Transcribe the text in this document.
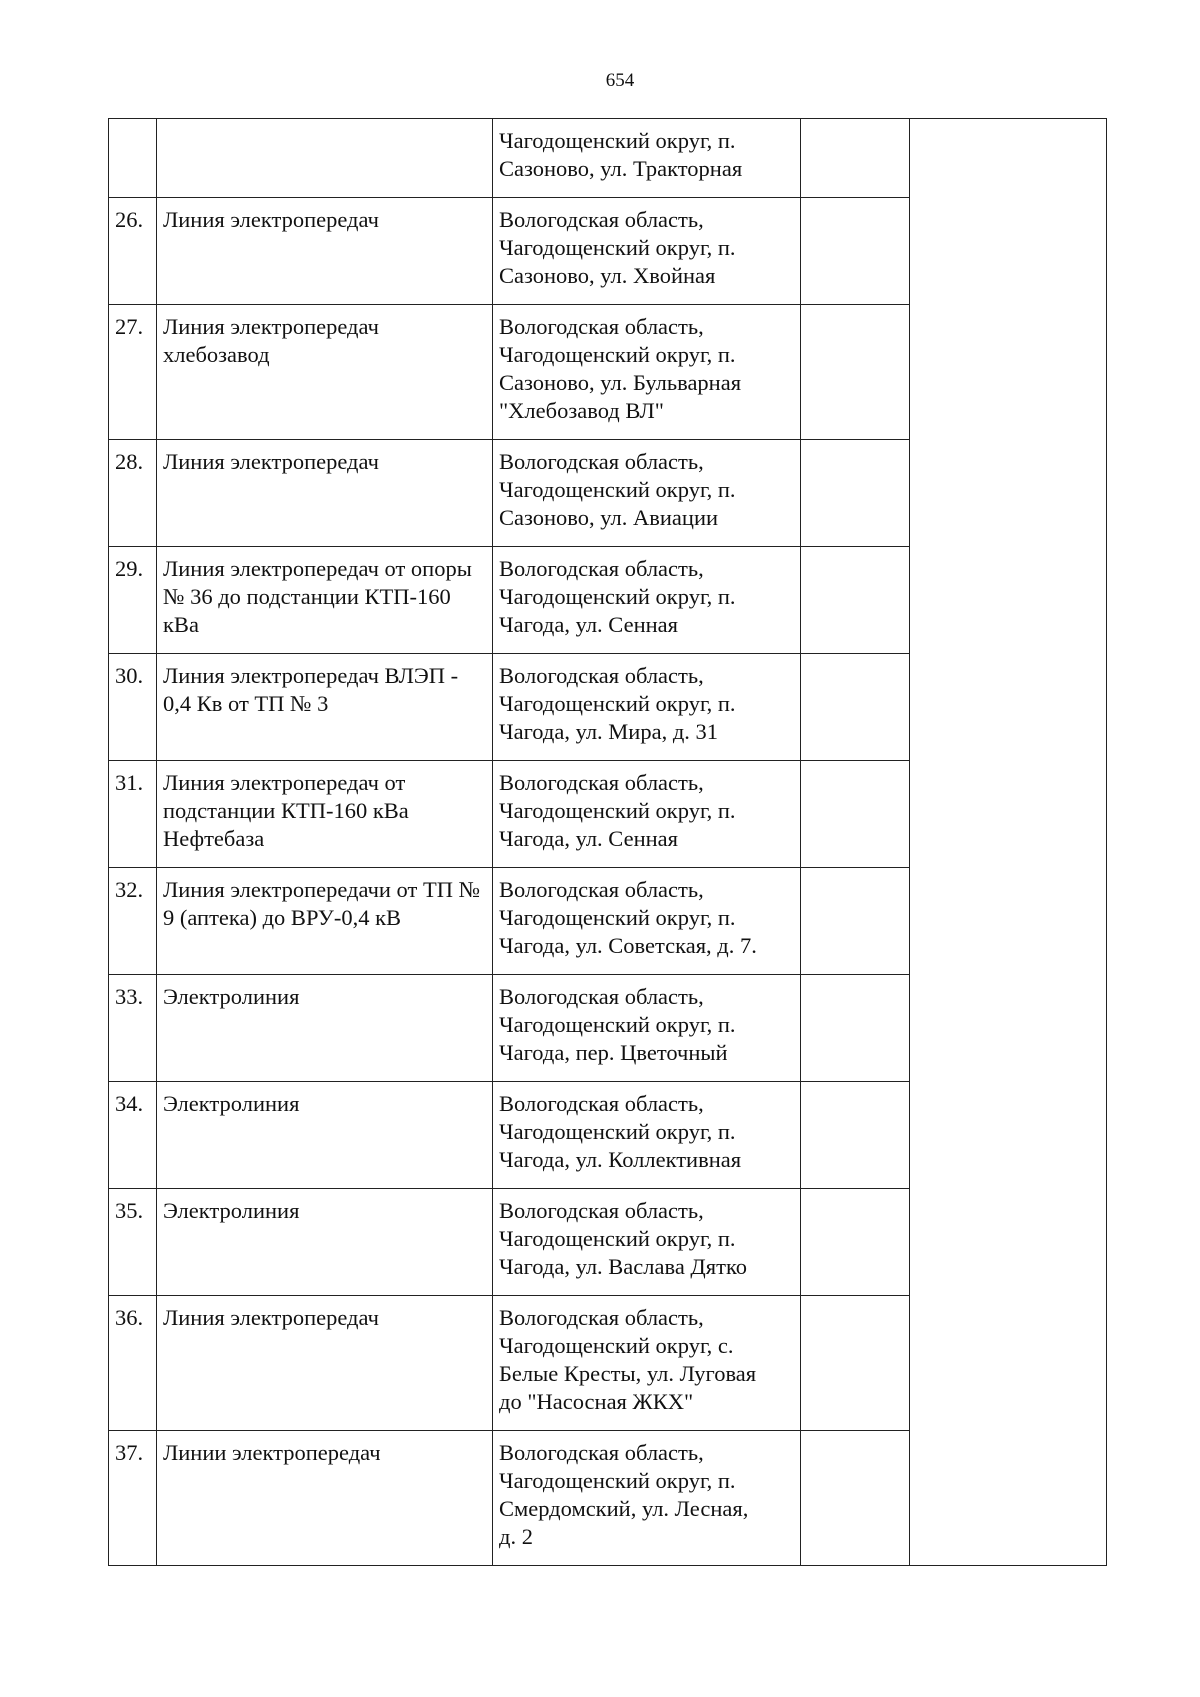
654

		Чагодощенский округ, п.
Сазоново, ул. Тракторная		

26.	Линия электропередач	Вологодская область,
Чагодощенский округ, п.
Сазоново, ул. Хвойная		

27.	Линия электропередач хлебозавод	Вологодская область,
Чагодощенский округ, п.
Сазоново, ул. Бульварная
"Хлебозавод ВЛ"		

28.	Линия электропередач	Вологодская область,
Чагодощенский округ, п.
Сазоново, ул. Авиации		

29.	Линия электропередач от опоры № 36 до подстанции КТП-160 кВа	Вологодская область,
Чагодощенский округ, п.
Чагода, ул. Сенная		

30.	Линия электропередач ВЛЭП - 0,4 Кв от ТП № 3	Вологодская область,
Чагодощенский округ, п.
Чагода, ул. Мира, д. 31		

31.	Линия электропередач от подстанции КТП-160 кВа Нефтебаза	Вологодская область,
Чагодощенский округ, п.
Чагода, ул. Сенная		

32.	Линия электропередачи от ТП № 9 (аптека) до ВРУ-0,4 кВ	Вологодская область,
Чагодощенский округ, п.
Чагода, ул. Советская, д. 7.		

33.	Электролиния	Вологодская область,
Чагодощенский округ, п.
Чагода, пер. Цветочный		

34.	Электролиния	Вологодская область,
Чагодощенский округ, п.
Чагода, ул. Коллективная		

35.	Электролиния	Вологодская область,
Чагодощенский округ, п.
Чагода, ул. Васлава Дятко		

36.	Линия электропередач	Вологодская область,
Чагодощенский округ, с.
Белые Кресты, ул. Луговая
до "Насосная ЖКХ"		

37.	Линии электропередач	Вологодская область,
Чагодощенский округ, п.
Смердомский, ул. Лесная,
д. 2		
